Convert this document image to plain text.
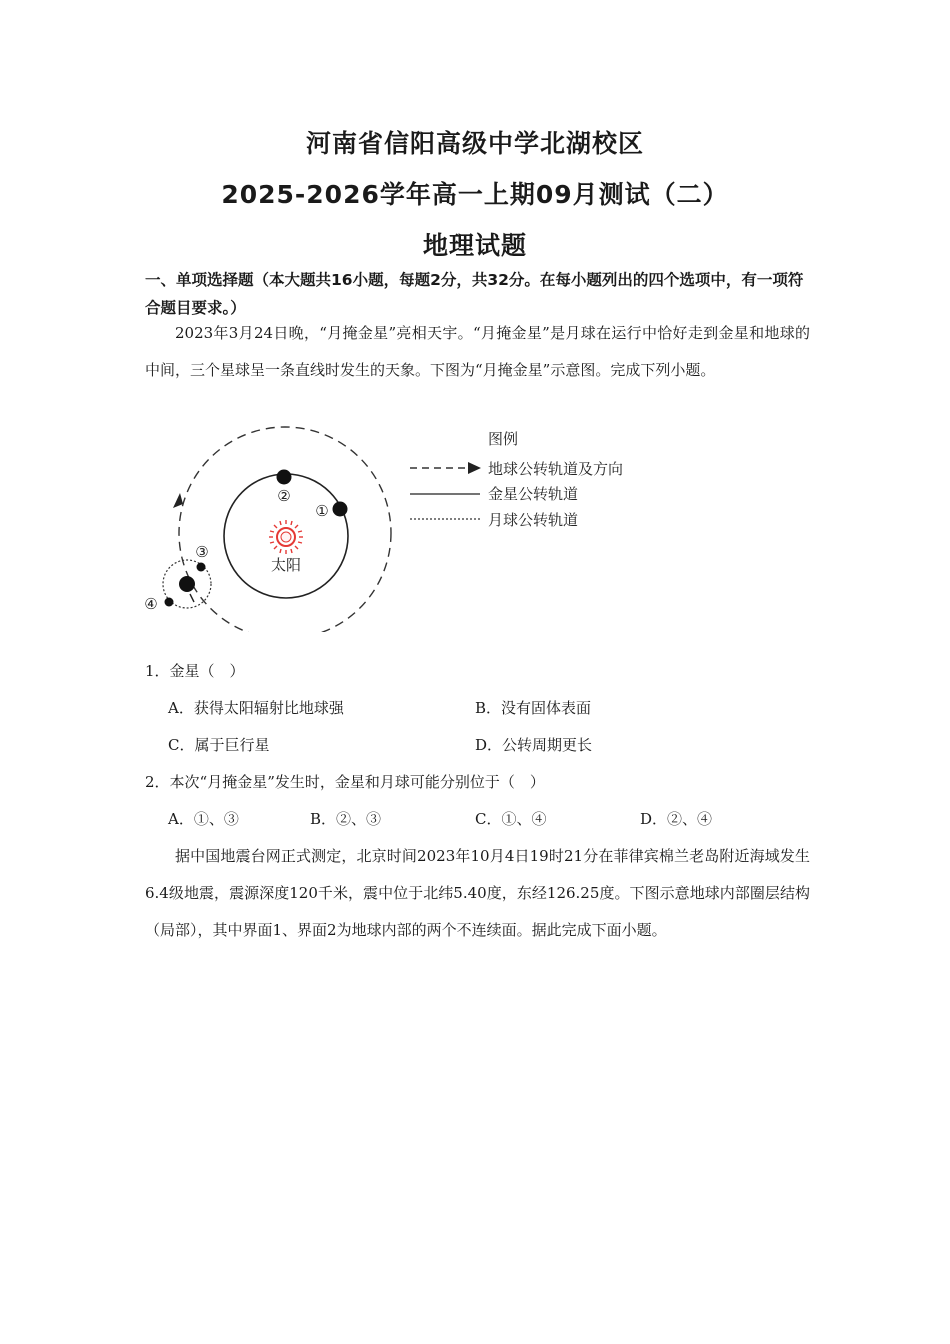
河南省信阳高级中学北湖校区
2025-2026学年高一上期09月测试（二）
地理试题
一、单项选择题（本大题共16小题，每题2分，共32分。在每小题列出的四个选项中，有一项符合题目要求。）
2023年3月24日晚，“月掩金星”亮相天宇。“月掩金星”是月球在运行中恰好走到金星和地球的中间，三个星球呈一条直线时发生的天象。下图为“月掩金星”示意图。完成下列小题。
太阳
②
①
③
④
图例
地球公转轨道及方向
金星公转轨道
月球公转轨道
1．金星（　）
A．获得太阳辐射比地球强	B．没有固体表面
C．属于巨行星	D．公转周期更长
2．本次“月掩金星”发生时，金星和月球可能分别位于（　）
A．①、③	B．②、③	C．①、④	D．②、④
据中国地震台网正式测定，北京时间2023年10月4日19时21分在菲律宾棉兰老岛附近海域发生6.4级地震，震源深度120千米，震中位于北纬5.40度，东经126.25度。下图示意地球内部圈层结构（局部），其中界面1、界面2为地球内部的两个不连续面。据此完成下面小题。
